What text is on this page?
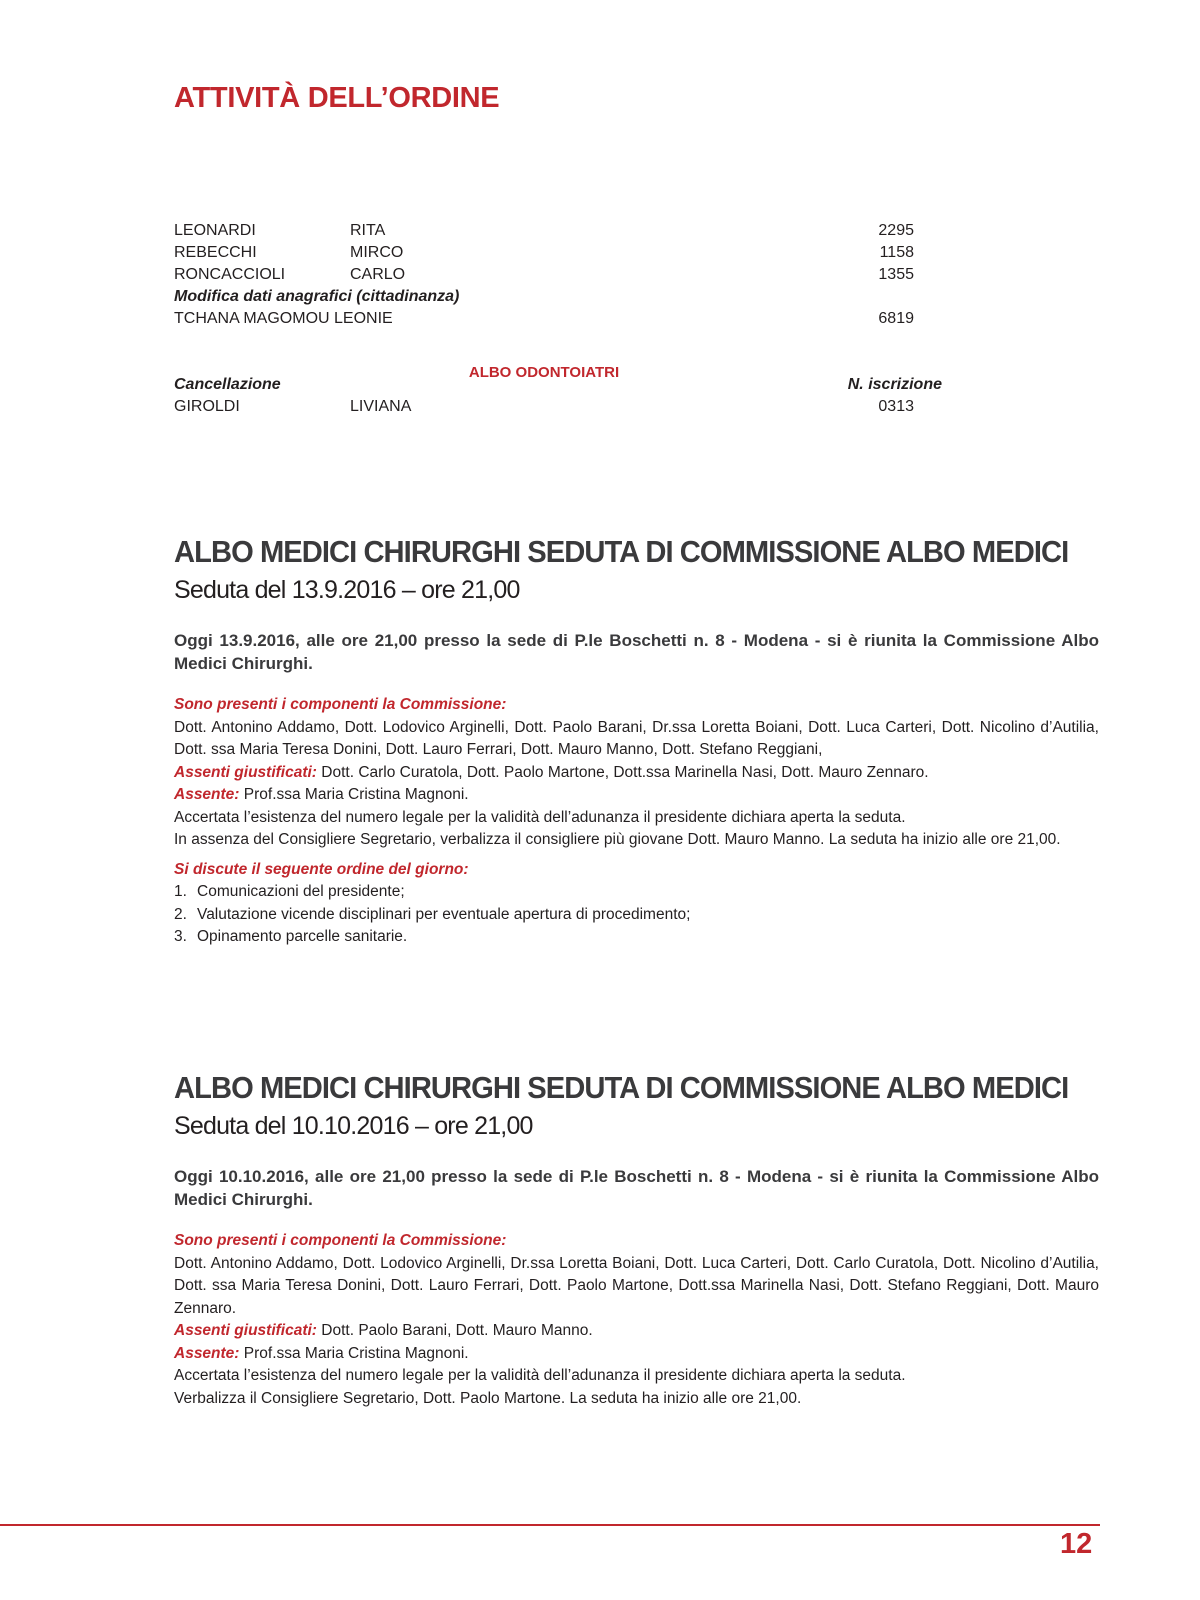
ATTIVITÀ DELL’ORDINE
LEONARDI	RITA	2295
REBECCHI	MIRCO	1158
RONCACCIOLI	CARLO	1355
Modifica dati anagrafici (cittadinanza)
TCHANA MAGOMOU LEONIE	6819
ALBO ODONTOIATRI
Cancellazione	N. iscrizione
GIROLDI	LIVIANA	0313
ALBO MEDICI CHIRURGHI SEDUTA DI COMMISSIONE ALBO MEDICI
Seduta del 13.9.2016 – ore 21,00
Oggi 13.9.2016, alle ore 21,00 presso la sede di P.le Boschetti n. 8 - Modena - si è riunita la Commissione Albo Medici Chirurghi.

Sono presenti i componenti la Commissione:

Dott. Antonino Addamo, Dott. Lodovico Arginelli, Dott. Paolo Barani, Dr.ssa Loretta Boiani, Dott. Luca Carteri, Dott. Nicolino d’Autilia, Dott. ssa Maria Teresa Donini, Dott. Lauro Ferrari, Dott. Mauro Manno, Dott. Stefano Reggiani,

Assenti giustificati: Dott. Carlo Curatola, Dott. Paolo Martone, Dott.ssa Marinella Nasi, Dott. Mauro Zennaro.

Assente: Prof.ssa Maria Cristina Magnoni.

Accertata l’esistenza del numero legale per la validità dell’adunanza il presidente dichiara aperta la seduta.

In assenza del Consigliere Segretario, verbalizza il consigliere più giovane Dott. Mauro Manno. La seduta ha inizio alle ore 21,00.

Si discute il seguente ordine del giorno:

1. Comunicazioni del presidente;
2. Valutazione vicende disciplinari per eventuale apertura di procedimento;
3. Opinamento parcelle sanitarie.
ALBO MEDICI CHIRURGHI SEDUTA DI COMMISSIONE ALBO MEDICI
Seduta del 10.10.2016 – ore 21,00
Oggi 10.10.2016, alle ore 21,00 presso la sede di P.le Boschetti n. 8 - Modena - si è riunita la Commissione Albo Medici Chirurghi.

Sono presenti i componenti la Commissione:

Dott. Antonino Addamo, Dott. Lodovico Arginelli, Dr.ssa Loretta Boiani, Dott. Luca Carteri, Dott. Carlo Curatola, Dott. Nicolino d’Autilia, Dott. ssa Maria Teresa Donini, Dott. Lauro Ferrari, Dott. Paolo Martone, Dott.ssa Marinella Nasi, Dott. Stefano Reggiani, Dott. Mauro Zennaro.

Assenti giustificati: Dott. Paolo Barani, Dott. Mauro Manno.

Assente: Prof.ssa Maria Cristina Magnoni.

Accertata l’esistenza del numero legale per la validità dell’adunanza il presidente dichiara aperta la seduta.

Verbalizza il Consigliere Segretario, Dott. Paolo Martone. La seduta ha inizio alle ore 21,00.

12
